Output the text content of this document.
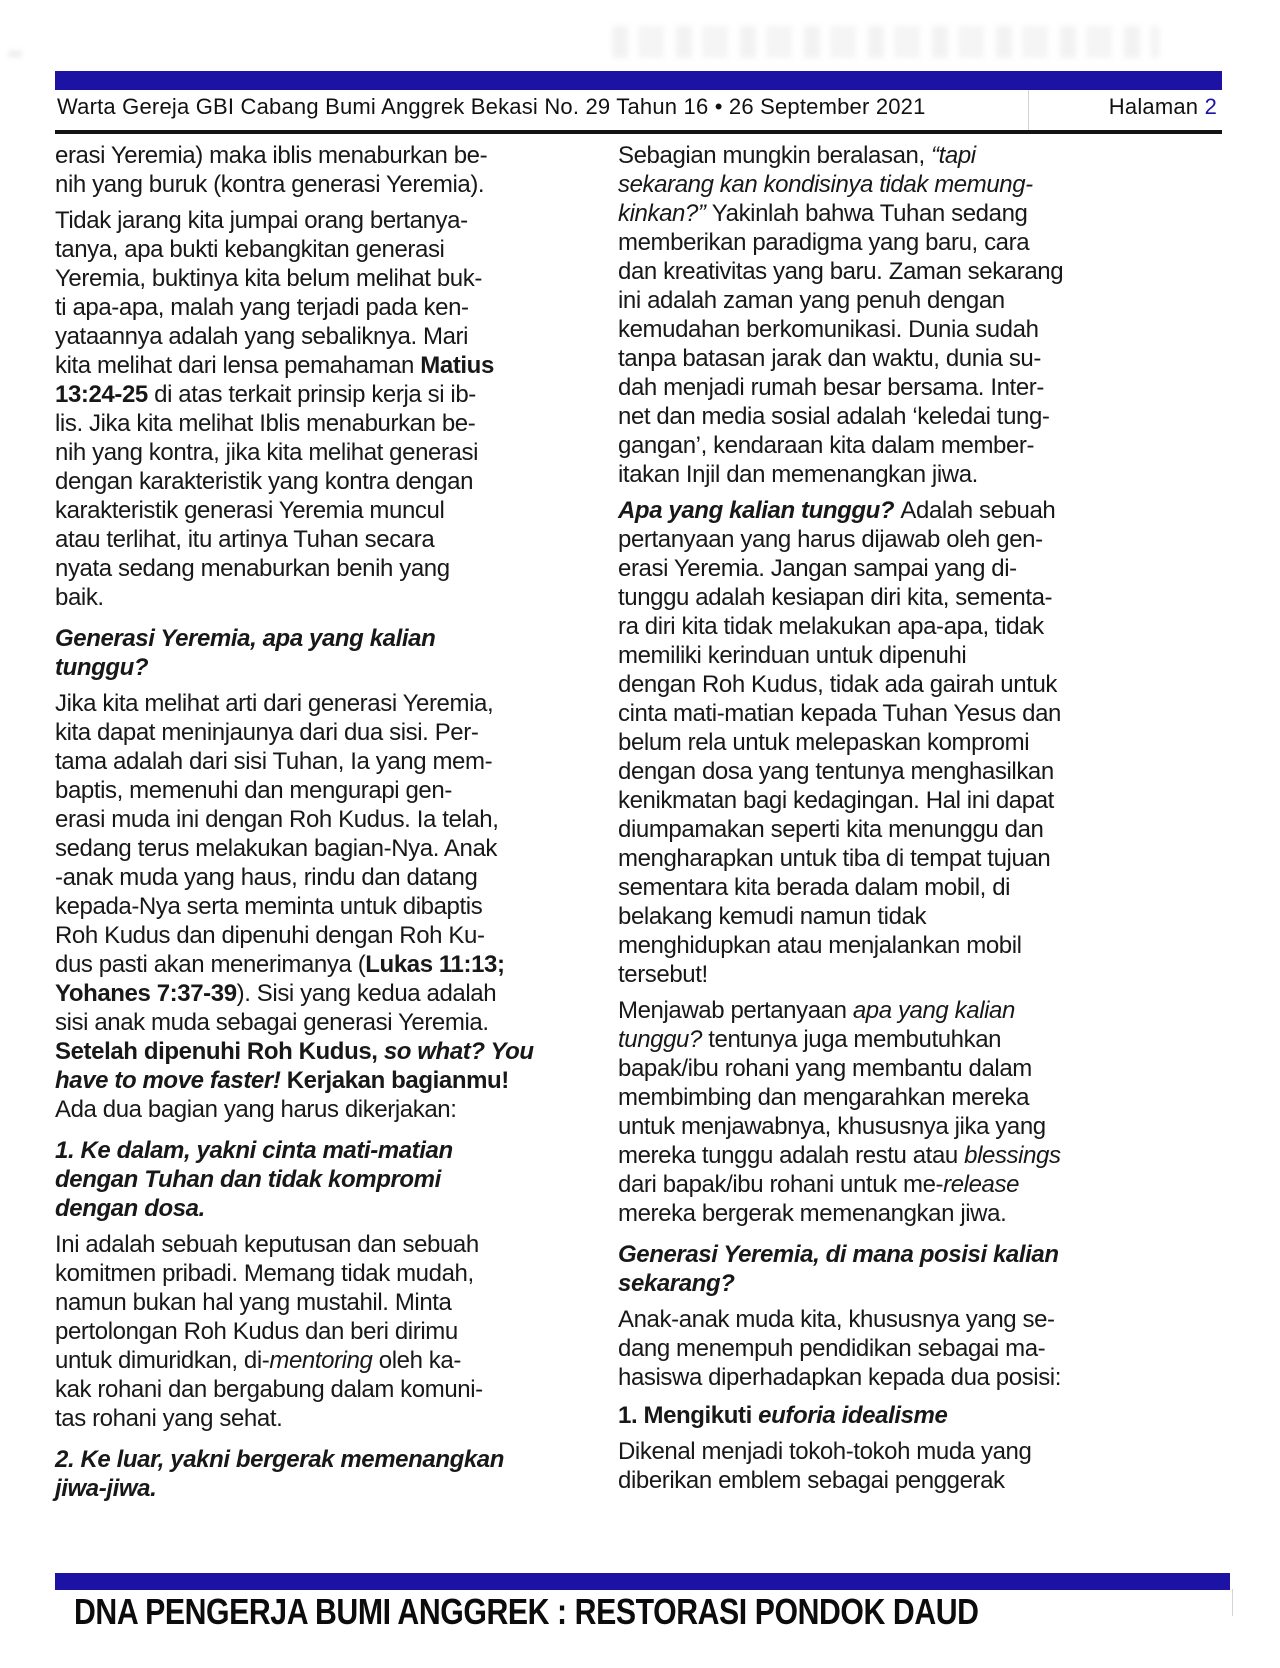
Warta Gereja GBI Cabang Bumi Anggrek Bekasi No. 29 Tahun 16 • 26 September 2021	Halaman 2
erasi Yeremia) maka iblis menaburkan be-
nih yang buruk (kontra generasi Yeremia).
Tidak jarang kita jumpai orang bertanya-
tanya, apa bukti kebangkitan generasi
Yeremia, buktinya kita belum melihat buk-
ti apa-apa, malah yang terjadi pada ken-
yataannya adalah yang sebaliknya. Mari
kita melihat dari lensa pemahaman Matius
13:24-25 di atas terkait prinsip kerja si ib-
lis. Jika kita melihat Iblis menaburkan be-
nih yang kontra, jika kita melihat generasi
dengan karakteristik yang kontra dengan
karakteristik generasi Yeremia muncul
atau terlihat, itu artinya Tuhan secara
nyata sedang menaburkan benih yang
baik.
Generasi Yeremia, apa yang kalian
tunggu?
Jika kita melihat arti dari generasi Yeremia,
kita dapat meninjaunya dari dua sisi. Per-
tama adalah dari sisi Tuhan, Ia yang mem-
baptis, memenuhi dan mengurapi gen-
erasi muda ini dengan Roh Kudus. Ia telah,
sedang terus melakukan bagian-Nya. Anak
-anak muda yang haus, rindu dan datang
kepada-Nya serta meminta untuk dibaptis
Roh Kudus dan dipenuhi dengan Roh Ku-
dus pasti akan menerimanya (Lukas 11:13;
Yohanes 7:37-39). Sisi yang kedua adalah
sisi anak muda sebagai generasi Yeremia.
Setelah dipenuhi Roh Kudus, so what? You
have to move faster! Kerjakan bagianmu!
Ada dua bagian yang harus dikerjakan:
1. Ke dalam, yakni cinta mati-matian
dengan Tuhan dan tidak kompromi
dengan dosa.
Ini adalah sebuah keputusan dan sebuah
komitmen pribadi. Memang tidak mudah,
namun bukan hal yang mustahil. Minta
pertolongan Roh Kudus dan beri dirimu
untuk dimuridkan, di-mentoring oleh ka-
kak rohani dan bergabung dalam komuni-
tas rohani yang sehat.
2. Ke luar, yakni bergerak memenangkan
jiwa-jiwa.
Sebagian mungkin beralasan, “tapi
sekarang kan kondisinya tidak memung-
kinkan?” Yakinlah bahwa Tuhan sedang
memberikan paradigma yang baru, cara
dan kreativitas yang baru. Zaman sekarang
ini adalah zaman yang penuh dengan
kemudahan berkomunikasi. Dunia sudah
tanpa batasan jarak dan waktu, dunia su-
dah menjadi rumah besar bersama. Inter-
net dan media sosial adalah ‘keledai tung-
gangan’, kendaraan kita dalam member-
itakan Injil dan memenangkan jiwa.
Apa yang kalian tunggu? Adalah sebuah
pertanyaan yang harus dijawab oleh gen-
erasi Yeremia. Jangan sampai yang di-
tunggu adalah kesiapan diri kita, sementa-
ra diri kita tidak melakukan apa-apa, tidak
memiliki kerinduan untuk dipenuhi
dengan Roh Kudus, tidak ada gairah untuk
cinta mati-matian kepada Tuhan Yesus dan
belum rela untuk melepaskan kompromi
dengan dosa yang tentunya menghasilkan
kenikmatan bagi kedagingan. Hal ini dapat
diumpamakan seperti kita menunggu dan
mengharapkan untuk tiba di tempat tujuan
sementara kita berada dalam mobil, di
belakang kemudi namun tidak
menghidupkan atau menjalankan mobil
tersebut!
Menjawab pertanyaan apa yang kalian
tunggu? tentunya juga membutuhkan
bapak/ibu rohani yang membantu dalam
membimbing dan mengarahkan mereka
untuk menjawabnya, khususnya jika yang
mereka tunggu adalah restu atau blessings
dari bapak/ibu rohani untuk me-release
mereka bergerak memenangkan jiwa.
Generasi Yeremia, di mana posisi kalian
sekarang?
Anak-anak muda kita, khususnya yang se-
dang menempuh pendidikan sebagai ma-
hasiswa diperhadapkan kepada dua posisi:
1. Mengikuti euforia idealisme
Dikenal menjadi tokoh-tokoh muda yang
diberikan emblem sebagai penggerak
DNA PENGERJA BUMI ANGGREK : RESTORASI PONDOK DAUD
